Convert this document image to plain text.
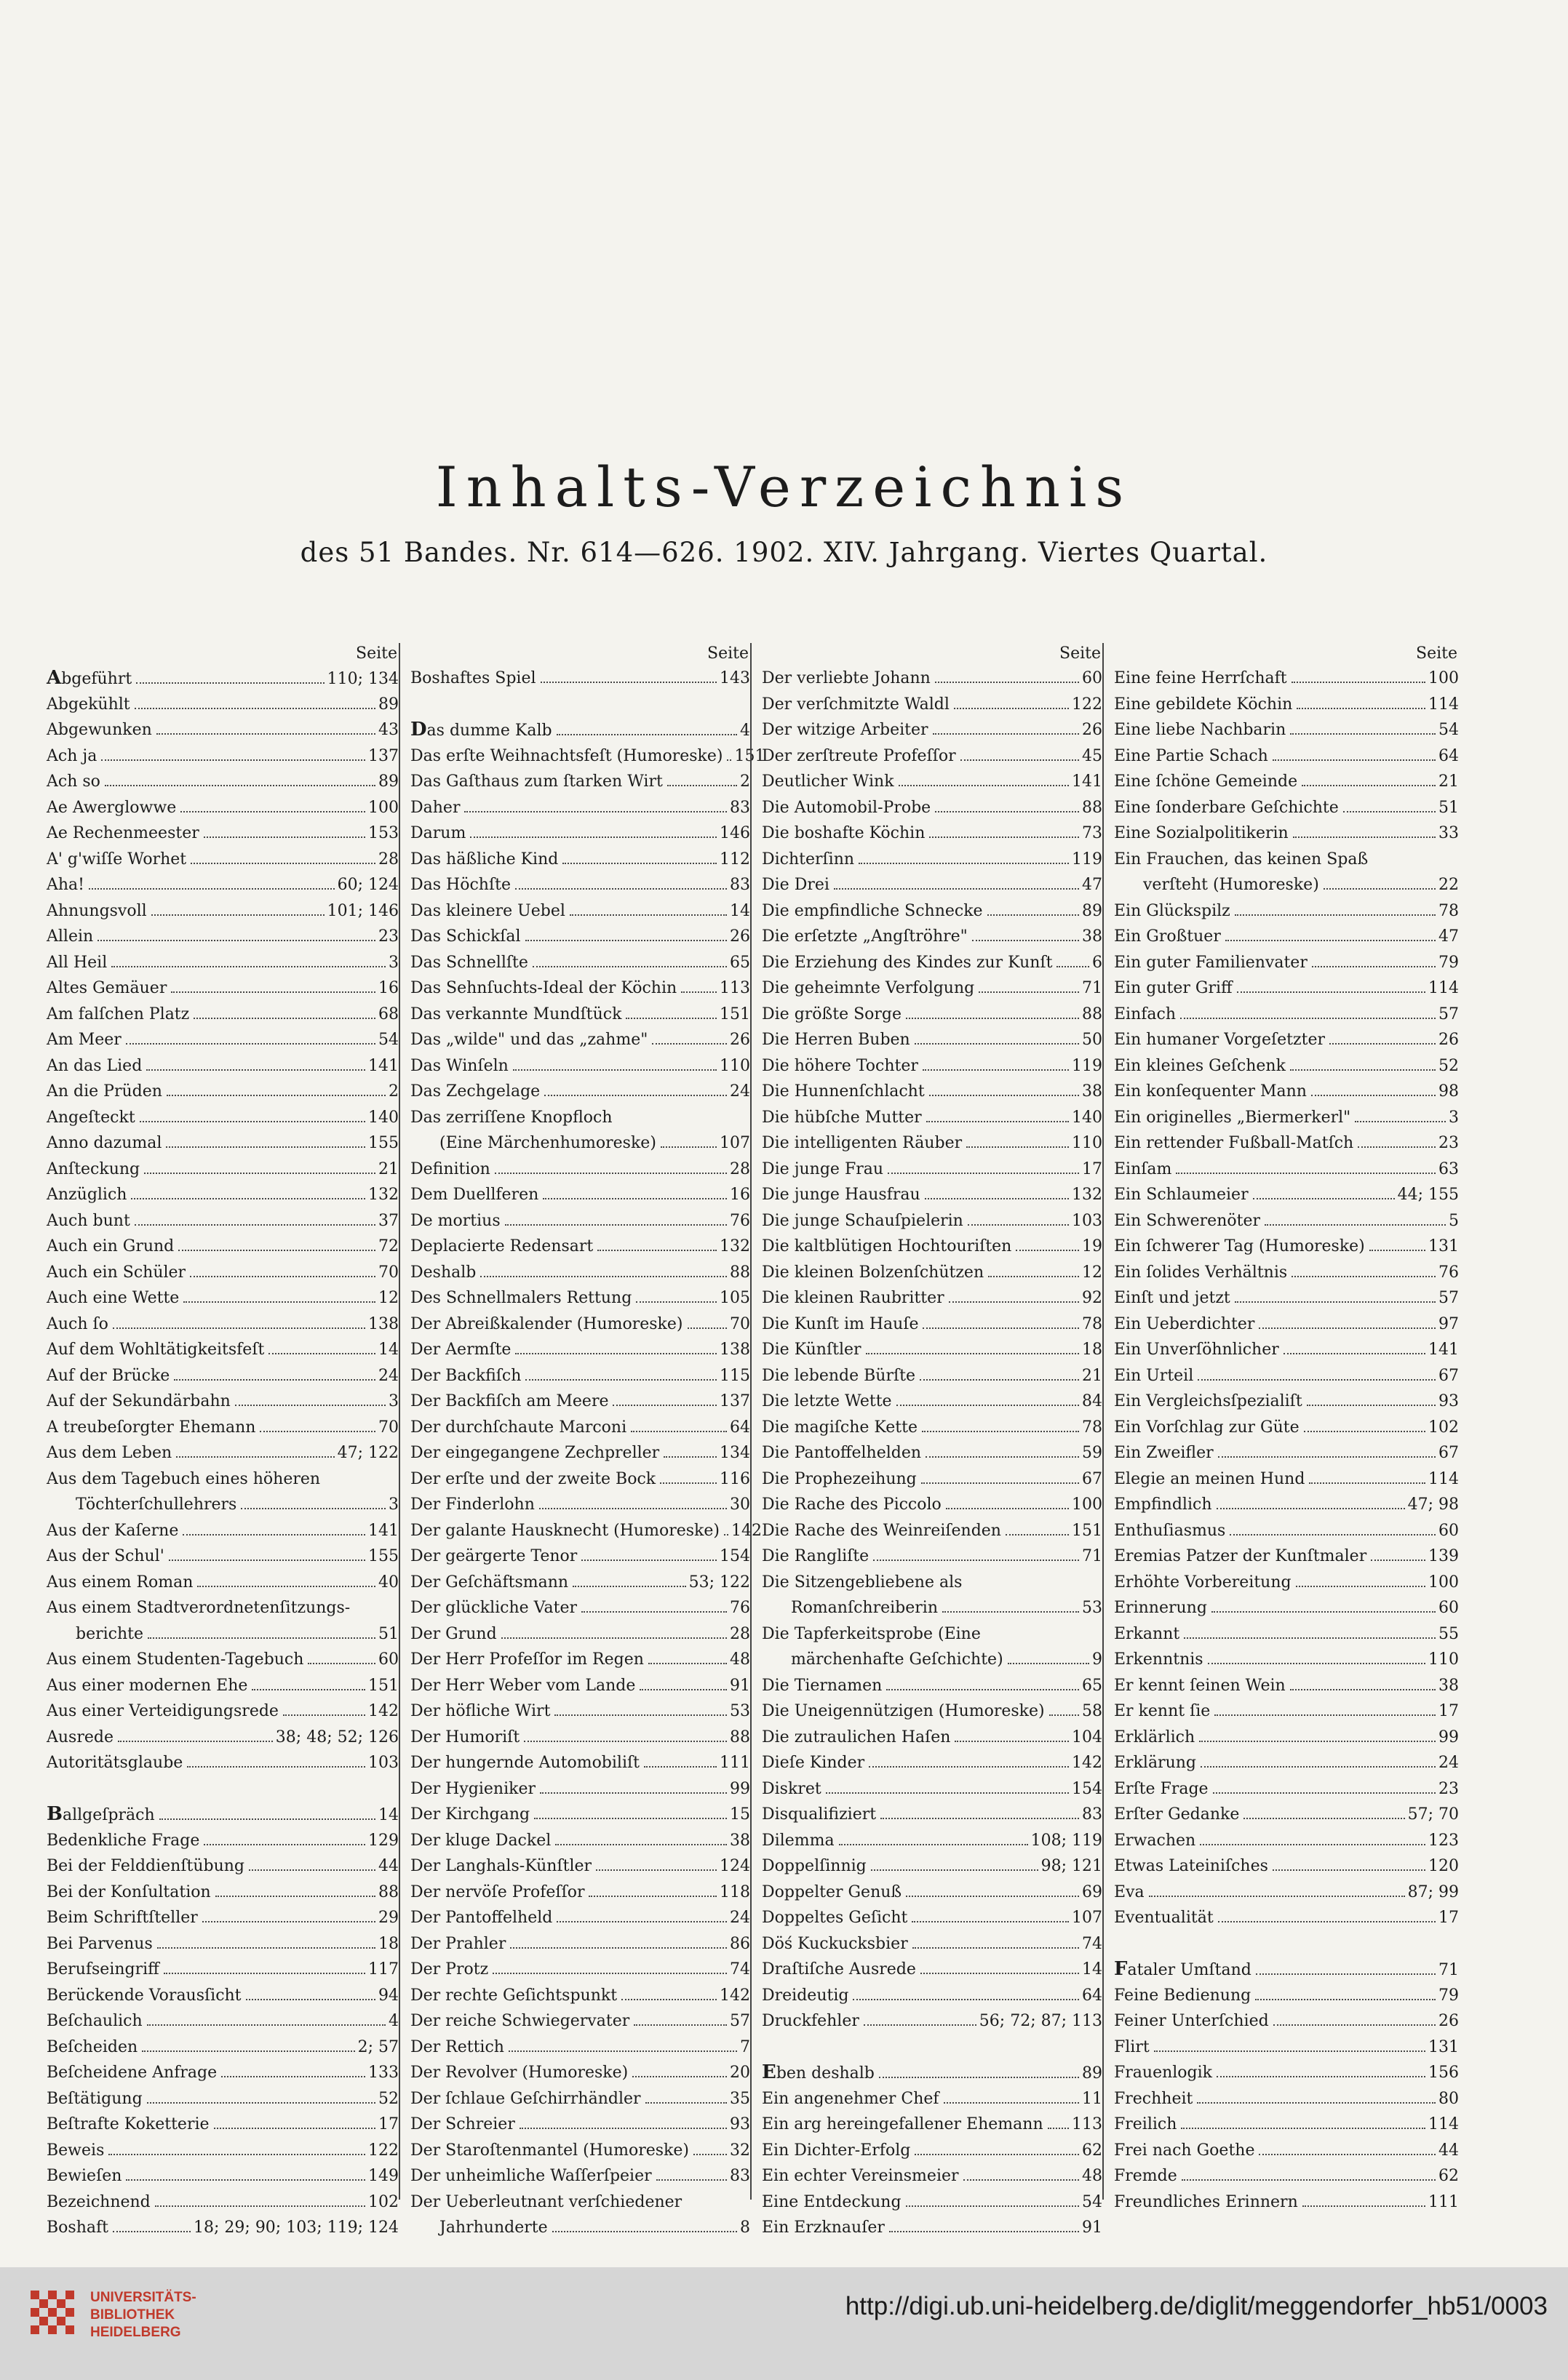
Inhalts-Verzeichnis
des 51 Bandes. Nr. 614—626. 1902. XIV. Jahrgang. Viertes Quartal.
Seite
Abgeführt	110; 134
Abgekühlt	89
Abgewunken	43
Ach ja	137
Ach so	89
Ae Awerglowwe	100
Ae Rechenmeester	153
A' g'wiſſe Worhet	28
Aha!	60; 124
Ahnungsvoll	101; 146
Allein	23
All Heil	3
Altes Gemäuer	16
Am falſchen Platz	68
Am Meer	54
An das Lied	141
An die Prüden	2
Angeſteckt	140
Anno dazumal	155
Anſteckung	21
Anzüglich	132
Auch bunt	37
Auch ein Grund	72
Auch ein Schüler	70
Auch eine Wette	12
Auch ſo	138
Auf dem Wohltätigkeitsfeſt	14
Auf der Brücke	24
Auf der Sekundärbahn	3
A treubeſorgter Ehemann	70
Aus dem Leben	47; 122
Aus dem Tagebuch eines höheren
Töchterſchullehrers	3
Aus der Kaſerne	141
Aus der Schul'	155
Aus einem Roman	40
Aus einem Stadtverordnetenſitzungs-
berichte	51
Aus einem Studenten-Tagebuch	60
Aus einer modernen Ehe	151
Aus einer Verteidigungsrede	142
Ausrede	38; 48; 52; 126
Autoritätsglaube	103
Ballgeſpräch	14
Bedenkliche Frage	129
Bei der Felddienſtübung	44
Bei der Konſultation	88
Beim Schriftſteller	29
Bei Parvenus	18
Berufseingriff	117
Berückende Vorausſicht	94
Beſchaulich	4
Beſcheiden	2; 57
Beſcheidene Anfrage	133
Beſtätigung	52
Beſtrafte Koketterie	17
Beweis	122
Bewieſen	149
Bezeichnend	102
Boshaft	18; 29; 90; 103; 119; 124
Seite
Boshaftes Spiel	143
Das dumme Kalb	4
Das erſte Weihnachtsfeſt (Humoreske) 151
Das Gaſthaus zum ſtarken Wirt	2
Daher	83
Darum	146
Das häßliche Kind	112
Das Höchſte	83
Das kleinere Uebel	14
Das Schickſal	26
Das Schnellſte	65
Das Sehnſuchts-Ideal der Köchin	113
Das verkannte Mundſtück	151
Das „wilde" und das „zahme"	26
Das Winſeln	110
Das Zechgelage	24
Das zerriſſene Knopfloch
(Eine Märchenhumoreske)	107
Definition	28
Dem Duellferen	16
De mortius	76
Deplacierte Redensart	132
Deshalb	88
Des Schnellmalers Rettung	105
Der Abreißkalender (Humoreske)	70
Der Aermſte	138
Der Backfiſch	115
Der Backfiſch am Meere	137
Der durchſchaute Marconi	64
Der eingegangene Zechpreller	134
Der erſte und der zweite Bock	116
Der Finderlohn	30
Der galante Hausknecht (Humoreske) 142
Der geärgerte Tenor	154
Der Geſchäftsmann	53; 122
Der glückliche Vater	76
Der Grund	28
Der Herr Profeſſor im Regen	48
Der Herr Weber vom Lande	91
Der höfliche Wirt	53
Der Humoriſt	88
Der hungernde Automobiliſt	111
Der Hygieniker	99
Der Kirchgang	15
Der kluge Dackel	38
Der Langhals-Künſtler	124
Der nervöſe Profeſſor	118
Der Pantoffelheld	24
Der Prahler	86
Der Protz	74
Der rechte Geſichtspunkt	142
Der reiche Schwiegervater	57
Der Rettich	7
Der Revolver (Humoreske)	20
Der ſchlaue Geſchirrhändler	35
Der Schreier	93
Der Staroſtenmantel (Humoreske)	32
Der unheimliche Waſſerſpeier	83
Der Ueberleutnant verſchiedener
Jahrhunderte	8
Seite
Der verliebte Johann	60
Der verſchmitzte Waldl	122
Der witzige Arbeiter	26
Der zerſtreute Profeſſor	45
Deutlicher Wink	141
Die Automobil-Probe	88
Die boshafte Köchin	73
Dichterſinn	119
Die Drei	47
Die empfindliche Schnecke	89
Die erſetzte „Angſtröhre"	38
Die Erziehung des Kindes zur Kunſt 6
Die geheimnte Verfolgung	71
Die größte Sorge	88
Die Herren Buben	50
Die höhere Tochter	119
Die Hunnenſchlacht	38
Die hübſche Mutter	140
Die intelligenten Räuber	110
Die junge Frau	17
Die junge Hausfrau	132
Die junge Schauſpielerin	103
Die kaltblütigen Hochtouriſten	19
Die kleinen Bolzenſchützen	12
Die kleinen Raubritter	92
Die Kunſt im Hauſe	78
Die Künſtler	18
Die lebende Bürſte	21
Die letzte Wette	84
Die magiſche Kette	78
Die Pantoffelhelden	59
Die Prophezeihung	67
Die Rache des Piccolo	100
Die Rache des Weinreiſenden	151
Die Rangliſte	71
Die Sitzengebliebene als
Romanſchreiberin	53
Die Tapferkeitsprobe (Eine
märchenhafte Geſchichte)	9
Die Tiernamen	65
Die Uneigennützigen (Humoreske) 58
Die zutraulichen Haſen	104
Dieſe Kinder	142
Diskret	154
Disqualifiziert	83
Dilemma	108; 119
Doppelſinnig	98; 121
Doppelter Genuß	69
Doppeltes Geſicht	107
Döś Kuckucksbier	74
Draſtiſche Ausrede	14
Dreideutig	64
Druckfehler	56; 72; 87; 113
Eben deshalb	89
Ein angenehmer Chef	11
Ein arg hereingefallener Ehemann 113
Ein Dichter-Erfolg	62
Ein echter Vereinsmeier	48
Eine Entdeckung	54
Ein Erzknauſer	91
Seite
Eine feine Herrſchaft	100
Eine gebildete Köchin	114
Eine liebe Nachbarin	54
Eine Partie Schach	64
Eine ſchöne Gemeinde	21
Eine ſonderbare Geſchichte	51
Eine Sozialpolitikerin	33
Ein Frauchen, das keinen Spaß
verſteht (Humoreske)	22
Ein Glückspilz	78
Ein Großtuer	47
Ein guter Familienvater	79
Ein guter Griff	114
Einfach	57
Ein humaner Vorgeſetzter	26
Ein kleines Geſchenk	52
Ein konſequenter Mann	98
Ein originelles „Biermerkerl"	3
Ein rettender Fußball-Matſch	23
Einſam	63
Ein Schlaumeier	44; 155
Ein Schwerenöter	5
Ein ſchwerer Tag (Humoreske)	131
Ein ſolides Verhältnis	76
Einſt und jetzt	57
Ein Ueberdichter	97
Ein Unverſöhnlicher	141
Ein Urteil	67
Ein Vergleichsſpezialiſt	93
Ein Vorſchlag zur Güte	102
Ein Zweifler	67
Elegie an meinen Hund	114
Empfindlich	47; 98
Enthuſiasmus	60
Eremias Patzer der Kunſtmaler	139
Erhöhte Vorbereitung	100
Erinnerung	60
Erkannt	55
Erkenntnis	110
Er kennt ſeinen Wein	38
Er kennt ſie	17
Erklärlich	99
Erklärung	24
Erſte Frage	23
Erſter Gedanke	57; 70
Erwachen	123
Etwas Lateiniſches	120
Eva	87; 99
Eventualität	17
Fataler Umſtand	71
Feine Bedienung	79
Feiner Unterſchied	26
Flirt	131
Frauenlogik	156
Frechheit	80
Freilich	114
Frei nach Goethe	44
Fremde	62
Freundliches Erinnern	111
UNIVERSITÄTS-
BIBLIOTHEK
HEIDELBERG
http://digi.ub.uni-heidelberg.de/diglit/meggendorfer_hb51/0003
